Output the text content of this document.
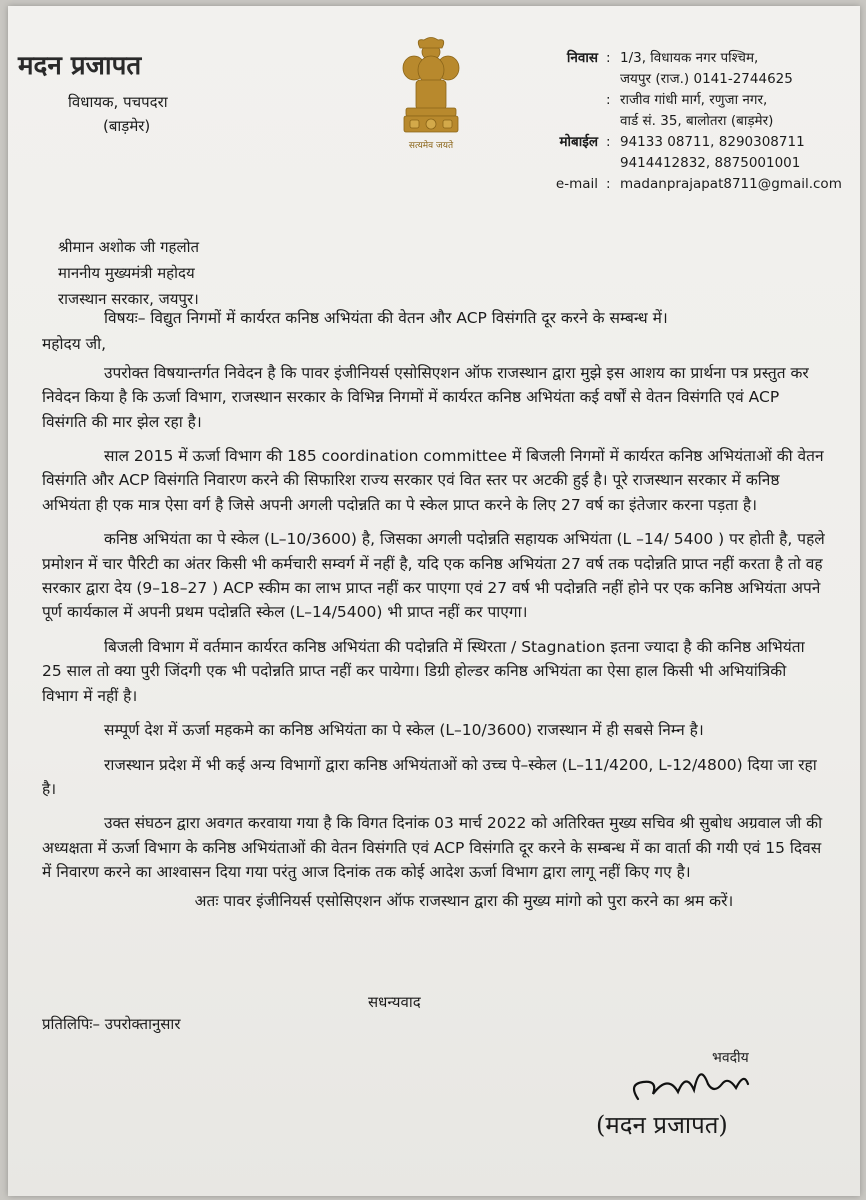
मदन प्रजापत
विधायक, पचपदरा
(बाड़मेर)
सत्यमेव जयते
निवास : 1/3, विधायक नगर पश्चिम,
जयपुर (राज.) 0141-2744625
: राजीव गांधी मार्ग, रणुजा नगर,
वार्ड सं. 35, बालोतरा (बाड़मेर)
मोबाईल : 94133 08711, 8290308711
9414412832, 8875001001
e-mail : madanprajapat8711@gmail.com
श्रीमान अशोक जी गहलोत
माननीय मुख्यमंत्री महोदय
राजस्थान सरकार, जयपुर।

विषयः– विद्युत निगमों में कार्यरत कनिष्ठ अभियंता की वेतन और ACP विसंगति दूर करने के सम्बन्ध में।

महोदय जी,

उपरोक्त विषयान्तर्गत निवेदन है कि पावर इंजीनियर्स एसोसिएशन ऑफ राजस्थान द्वारा मुझे इस आशय का प्रार्थना पत्र प्रस्तुत कर निवेदन किया है कि ऊर्जा विभाग, राजस्थान सरकार के विभिन्न निगमों में कार्यरत कनिष्ठ अभियंता कई वर्षों से वेतन विसंगति एवं ACP विसंगति की मार झेल रहा है।

साल 2015 में ऊर्जा विभाग की 185 coordination committee में बिजली निगमों में कार्यरत कनिष्ठ अभियंताओं की वेतन विसंगति और ACP विसंगति निवारण करने की सिफारिश राज्य सरकार एवं वित स्तर पर अटकी हुई है। पूरे राजस्थान सरकार में कनिष्ठ अभियंता ही एक मात्र ऐसा वर्ग है जिसे अपनी अगली पदोन्नति का पे स्केल प्राप्त करने के लिए 27 वर्ष का इंतेजार करना पड़ता है।

कनिष्ठ अभियंता का पे स्केल (L–10/3600) है, जिसका अगली पदोन्नति सहायक अभियंता (L –14/ 5400 ) पर होती है, पहले प्रमोशन में चार पैरिटी का अंतर किसी भी कर्मचारी सम्वर्ग में नहीं है, यदि एक कनिष्ठ अभियंता 27 वर्ष तक पदोन्नति प्राप्त नहीं करता है तो वह सरकार द्वारा देय (9–18–27 ) ACP स्कीम का लाभ प्राप्त नहीं कर पाएगा एवं 27 वर्ष भी पदोन्नति नहीं होने पर एक कनिष्ठ अभियंता अपने पूर्ण कार्यकाल में अपनी प्रथम पदोन्नति स्केल (L–14/5400) भी प्राप्त नहीं कर पाएगा।

बिजली विभाग में वर्तमान कार्यरत कनिष्ठ अभियंता की पदोन्नति में स्थिरता / Stagnation इतना ज्यादा है की कनिष्ठ अभियंता 25 साल तो क्या पुरी जिंदगी एक भी पदोन्नति प्राप्त नहीं कर पायेगा। डिग्री होल्डर कनिष्ठ अभियंता का ऐसा हाल किसी भी अभियांत्रिकी विभाग में नहीं है।

सम्पूर्ण देश में ऊर्जा महकमे का कनिष्ठ अभियंता का पे स्केल (L–10/3600) राजस्थान में ही सबसे निम्न है।

राजस्थान प्रदेश में भी कई अन्य विभागों द्वारा कनिष्ठ अभियंताओं को उच्च पे–स्केल (L–11/4200, L-12/4800) दिया जा रहा है।

उक्त संघठन द्वारा अवगत करवाया गया है कि विगत दिनांक 03 मार्च 2022 को अतिरिक्त मुख्य सचिव श्री सुबोध अग्रवाल जी की अध्यक्षता में ऊर्जा विभाग के कनिष्ठ अभियंताओं की वेतन विसंगति एवं ACP विसंगति दूर करने के सम्बन्ध में का वार्ता की गयी एवं 15 दिवस में निवारण करने का आश्वासन दिया गया परंतु आज दिनांक तक कोई आदेश ऊर्जा विभाग द्वारा लागू नहीं किए गए है।

अतः पावर इंजीनियर्स एसोसिएशन ऑफ राजस्थान द्वारा की मुख्य मांगो को पुरा करने का श्रम करें।

सधन्यवाद
प्रतिलिपिः– उपरोक्तानुसार
भवदीय
(मदन प्रजापत)
